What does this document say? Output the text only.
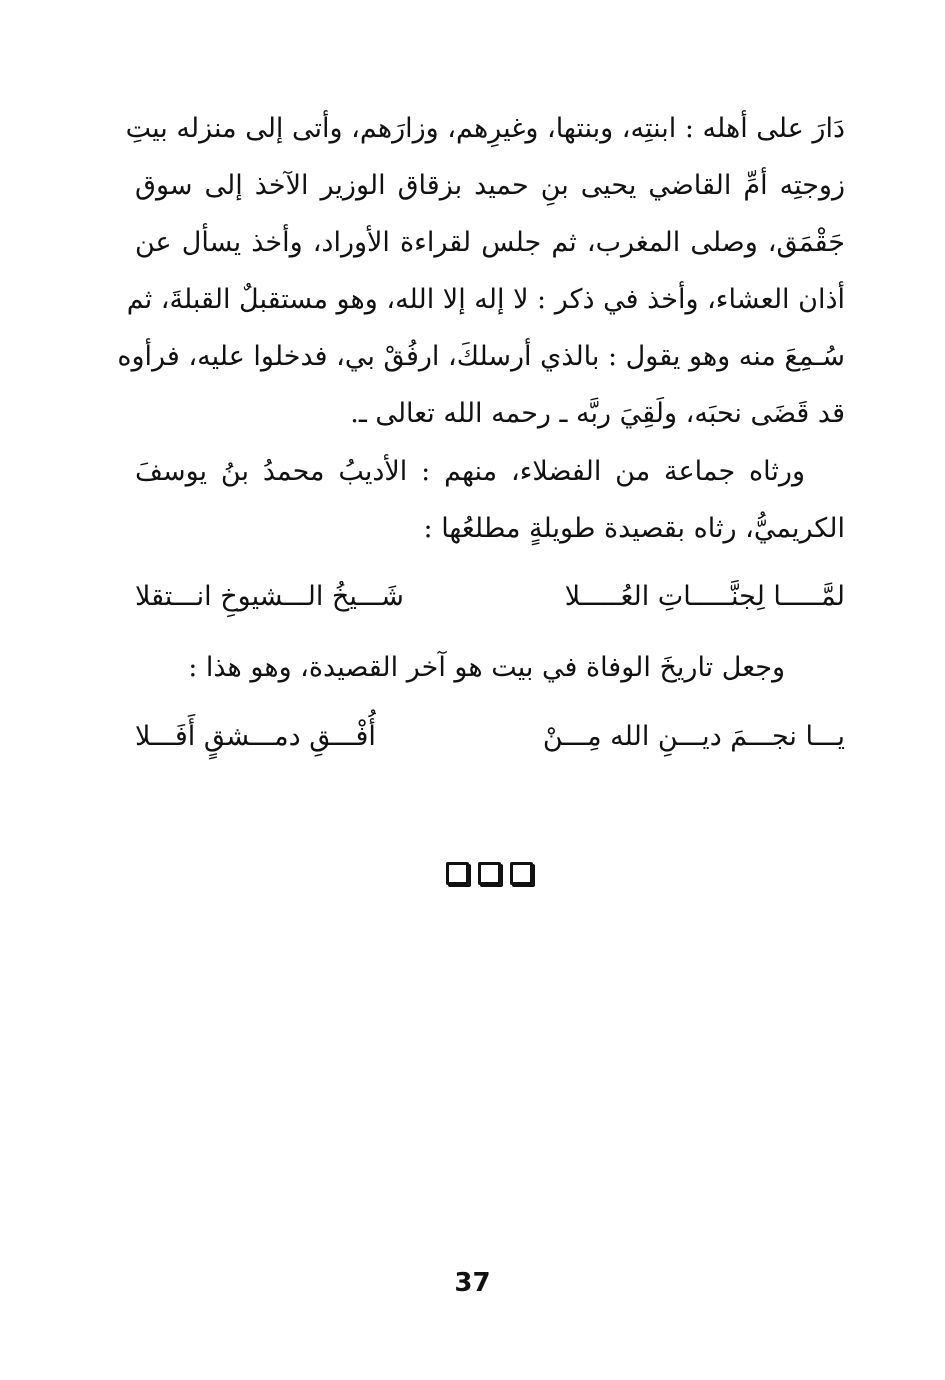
دَارَ على أهله : ابنتِه، وبنتها، وغيرِهم، وزارَهم، وأتى إلى منزله بيتِ
زوجتِه أمِّ القاضي يحيى بنِ حميد بزقاق الوزير الآخذ إلى سوق
جَقْمَق، وصلى المغرب، ثم جلس لقراءة الأوراد، وأخذ يسأل عن
أذان العشاء، وأخذ في ذكر : لا إله إلا الله، وهو مستقبلٌ القبلةَ، ثم
سُـمِعَ منه وهو يقول : بالذي أرسلكَ، ارفُقْ بي، فدخلوا عليه، فرأوه
قد قَضَى نحبَه، ولَقِيَ ربَّه ـ رحمه الله تعالى ـ.
ورثاه جماعة من الفضلاء، منهم : الأديبُ محمدُ بنُ يوسفَ
الكريميُّ، رثاه بقصيدة طويلةٍ مطلعُها :
لمَّـــــا لِجنَّـــــاتِ العُـــــلا
شَـــيخُ الـــشيوخِ انـــتقلا
وجعل تاريخَ الوفاة في بيت هو آخر القصيدة، وهو هذا :
يـــا نجـــمَ ديـــنِ الله مِـــنْ
أُفْـــقِ دمـــشقٍ أَفَـــلا
37
